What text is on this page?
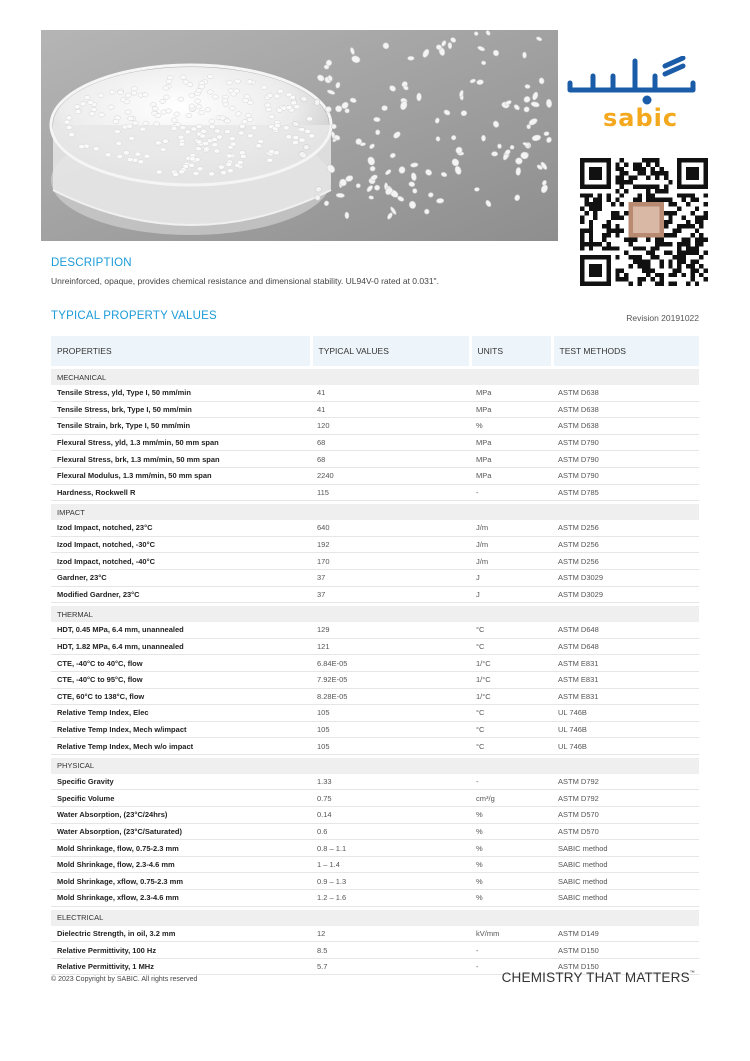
sabic
DESCRIPTION
Unreinforced, opaque, provides chemical resistance and dimensional stability. UL94V-0 rated at 0.031".
TYPICAL PROPERTY VALUES	Revision 20191022
PROPERTIES	TYPICAL VALUES	UNITS	TEST METHODS

MECHANICAL			
Tensile Stress, yld, Type I, 50 mm/min	41	MPa	ASTM D638
Tensile Stress, brk, Type I, 50 mm/min	41	MPa	ASTM D638
Tensile Strain, brk, Type I, 50 mm/min	120	%	ASTM D638
Flexural Stress, yld, 1.3 mm/min, 50 mm span	68	MPa	ASTM D790
Flexural Stress, brk, 1.3 mm/min, 50 mm span	68	MPa	ASTM D790
Flexural Modulus, 1.3 mm/min, 50 mm span	2240	MPa	ASTM D790
Hardness, Rockwell R	115	-	ASTM D785

IMPACT			
Izod Impact, notched, 23°C	640	J/m	ASTM D256
Izod Impact, notched, -30°C	192	J/m	ASTM D256
Izod Impact, notched, -40°C	170	J/m	ASTM D256
Gardner, 23°C	37	J	ASTM D3029
Modified Gardner, 23°C	37	J	ASTM D3029

THERMAL			
HDT, 0.45 MPa, 6.4 mm, unannealed	129	°C	ASTM D648
HDT, 1.82 MPa, 6.4 mm, unannealed	121	°C	ASTM D648
CTE, -40°C to 40°C, flow	6.84E-05	1/°C	ASTM E831
CTE, -40°C to 95°C, flow	7.92E-05	1/°C	ASTM E831
CTE, 60°C to 138°C, flow	8.28E-05	1/°C	ASTM E831
Relative Temp Index, Elec	105	°C	UL 746B
Relative Temp Index, Mech w/impact	105	°C	UL 746B
Relative Temp Index, Mech w/o impact	105	°C	UL 746B

PHYSICAL			
Specific Gravity	1.33	-	ASTM D792
Specific Volume	0.75	cm³/g	ASTM D792
Water Absorption, (23°C/24hrs)	0.14	%	ASTM D570
Water Absorption, (23°C/Saturated)	0.6	%	ASTM D570
Mold Shrinkage, flow, 0.75-2.3 mm	0.8 – 1.1	%	SABIC method
Mold Shrinkage, flow, 2.3-4.6 mm	1 – 1.4	%	SABIC method
Mold Shrinkage, xflow, 0.75-2.3 mm	0.9 – 1.3	%	SABIC method
Mold Shrinkage, xflow, 2.3-4.6 mm	1.2 – 1.6	%	SABIC method

ELECTRICAL			
Dielectric Strength, in oil, 3.2 mm	12	kV/mm	ASTM D149
Relative Permittivity, 100 Hz	8.5	-	ASTM D150
Relative Permittivity, 1 MHz	5.7	-	ASTM D150
© 2023 Copyright by SABIC. All rights reserved	CHEMISTRY THAT MATTERS™
